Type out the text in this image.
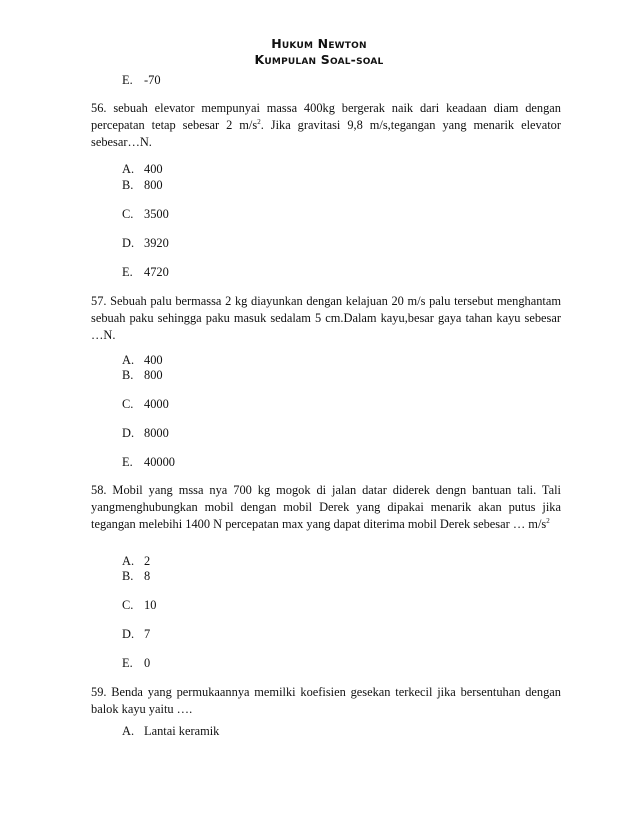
Hukum Newton
Kumpulan Soal-soal
E. -70
56. sebuah elevator mempunyai massa 400kg bergerak naik dari keadaan diam dengan percepatan tetap sebesar 2 $m/s^2$. Jika gravitasi 9,8 m/s,tegangan yang menarik elevator sebesar…N.
A. 400
B. 800
C. 3500
D. 3920
E. 4720
57. Sebuah palu bermassa 2 kg diayunkan dengan kelajuan 20 m/s palu tersebut menghantam sebuah paku sehingga paku masuk sedalam 5 cm.Dalam kayu,besar gaya tahan kayu sebesar …N.
A. 400
B. 800
C. 4000
D. 8000
E. 40000
58. Mobil yang mssa nya 700 kg mogok di jalan datar diderek dengn bantuan tali. Tali yangmenghubungkan mobil dengan mobil Derek yang dipakai menarik akan putus jika tegangan melebihi 1400 N percepatan max yang dapat diterima mobil Derek sebesar … $m/s^2$
A. 2
B. 8
C. 10
D. 7
E. 0
59. Benda yang permukaannya memilki koefisien gesekan terkecil jika bersentuhan dengan balok kayu yaitu ….
A. Lantai keramik
